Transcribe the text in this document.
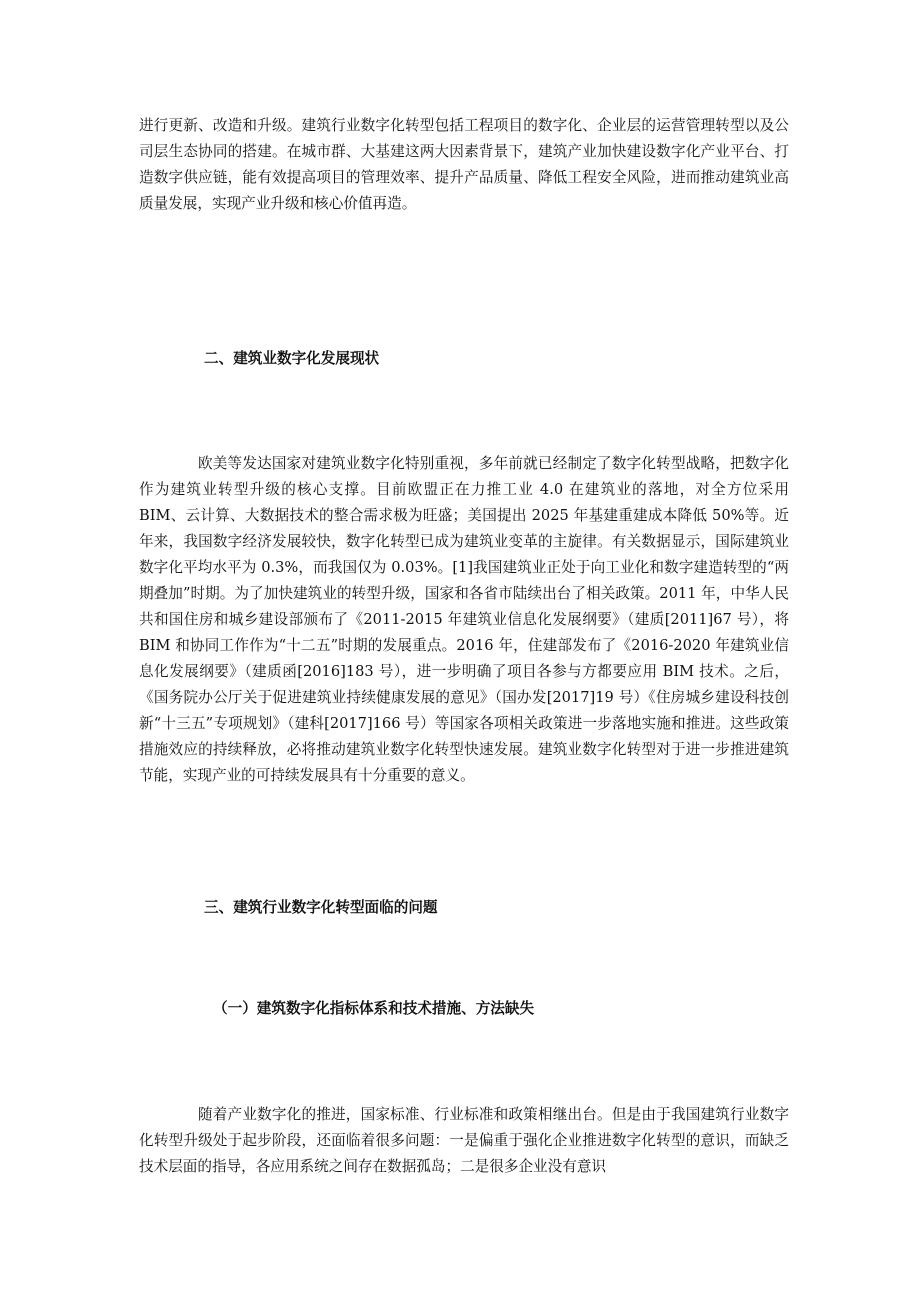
进行更新、改造和升级。建筑行业数字化转型包括工程项目的数字化、企业层的运营管理转型以及公司层生态协同的搭建。在城市群、大基建这两大因素背景下，建筑产业加快建设数字化产业平台、打造数字供应链，能有效提高项目的管理效率、提升产品质量、降低工程安全风险，进而推动建筑业高质量发展，实现产业升级和核心价值再造。

二、建筑业数字化发展现状

欧美等发达国家对建筑业数字化特别重视，多年前就已经制定了数字化转型战略，把数字化作为建筑业转型升级的核心支撑。目前欧盟正在力推工业 4.0 在建筑业的落地，对全方位采用 BIM、云计算、大数据技术的整合需求极为旺盛；美国提出 2025 年基建重建成本降低 50%等。近年来，我国数字经济发展较快，数字化转型已成为建筑业变革的主旋律。有关数据显示，国际建筑业数字化平均水平为 0.3%，而我国仅为 0.03%。[1]我国建筑业正处于向工业化和数字建造转型的“两期叠加”时期。为了加快建筑业的转型升级，国家和各省市陆续出台了相关政策。2011 年，中华人民共和国住房和城乡建设部颁布了《2011-2015 年建筑业信息化发展纲要》（建质[2011]67 号），将 BIM 和协同工作作为“十二五”时期的发展重点。2016 年，住建部发布了《2016-2020 年建筑业信息化发展纲要》（建质函[2016]183 号），进一步明确了项目各参与方都要应用 BIM 技术。之后，《国务院办公厅关于促进建筑业持续健康发展的意见》（国办发[2017]19 号）《住房城乡建设科技创新“十三五”专项规划》（建科[2017]166 号）等国家各项相关政策进一步落地实施和推进。这些政策措施效应的持续释放，必将推动建筑业数字化转型快速发展。建筑业数字化转型对于进一步推进建筑节能，实现产业的可持续发展具有十分重要的意义。

三、建筑行业数字化转型面临的问题
（一）建筑数字化指标体系和技术措施、方法缺失

随着产业数字化的推进，国家标准、行业标准和政策相继出台。但是由于我国建筑行业数字化转型升级处于起步阶段，还面临着很多问题：一是偏重于强化企业推进数字化转型的意识，而缺乏技术层面的指导，各应用系统之间存在数据孤岛；二是很多企业没有意识
